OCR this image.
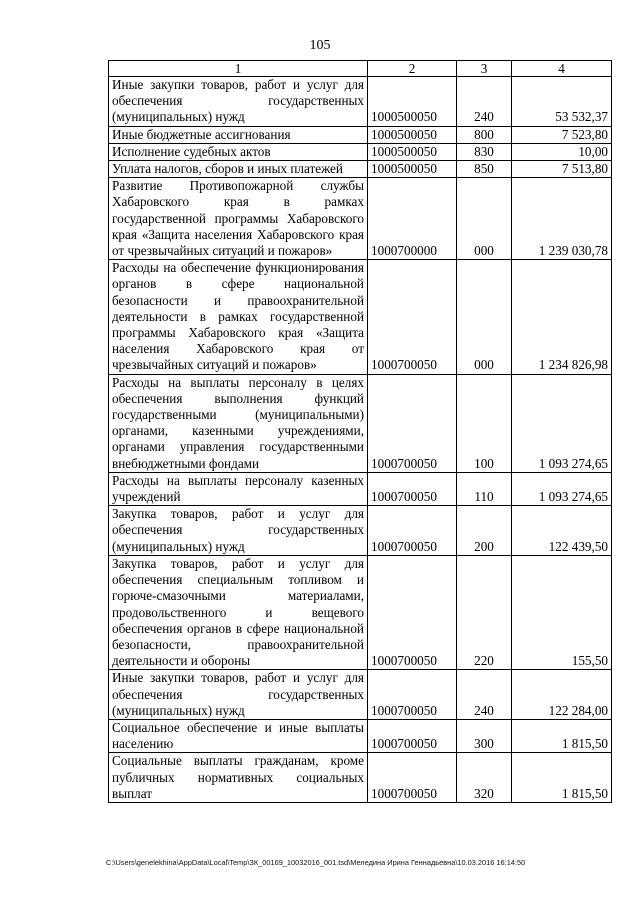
105
1	2	3	4
Иные закупки товаров, работ и услуг для обеспечения государственных (муниципальных) нужд	1000500050	240	53 532,37
Иные бюджетные ассигнования	1000500050	800	7 523,80
Исполнение судебных актов	1000500050	830	10,00
Уплата налогов, сборов и иных платежей	1000500050	850	7 513,80
Развитие Противопожарной службы Хабаровского края в рамках государственной программы Хабаровского края «Защита населения Хабаровского края от чрезвычайных ситуаций и пожаров»	1000700000	000	1 239 030,78
Расходы на обеспечение функционирования органов в сфере национальной безопасности и правоохранительной деятельности в рамках государственной программы Хабаровского края «Защита населения Хабаровского края от чрезвычайных ситуаций и пожаров»	1000700050	000	1 234 826,98
Расходы на выплаты персоналу в целях обеспечения выполнения функций государственными (муниципальными) органами, казенными учреждениями, органами управления государственными внебюджетными фондами	1000700050	100	1 093 274,65
Расходы на выплаты персоналу казенных учреждений	1000700050	110	1 093 274,65
Закупка товаров, работ и услуг для обеспечения государственных (муниципальных) нужд	1000700050	200	122 439,50
Закупка товаров, работ и услуг для обеспечения специальным топливом и горюче-смазочными материалами, продовольственного и вещевого обеспечения органов в сфере национальной безопасности, правоохранительной деятельности и обороны	1000700050	220	155,50
Иные закупки товаров, работ и услуг для обеспечения государственных (муниципальных) нужд	1000700050	240	122 284,00
Социальное обеспечение и иные выплаты населению	1000700050	300	1 815,50
Социальные выплаты гражданам, кроме публичных нормативных социальных выплат	1000700050	320	1 815,50
C:\Users\genelekhina\AppData\Local\Temp\ЗК_00169_10032016_001.tsd\Меледина Ирина Геннадьевна\10.03.2016 16:14:50
